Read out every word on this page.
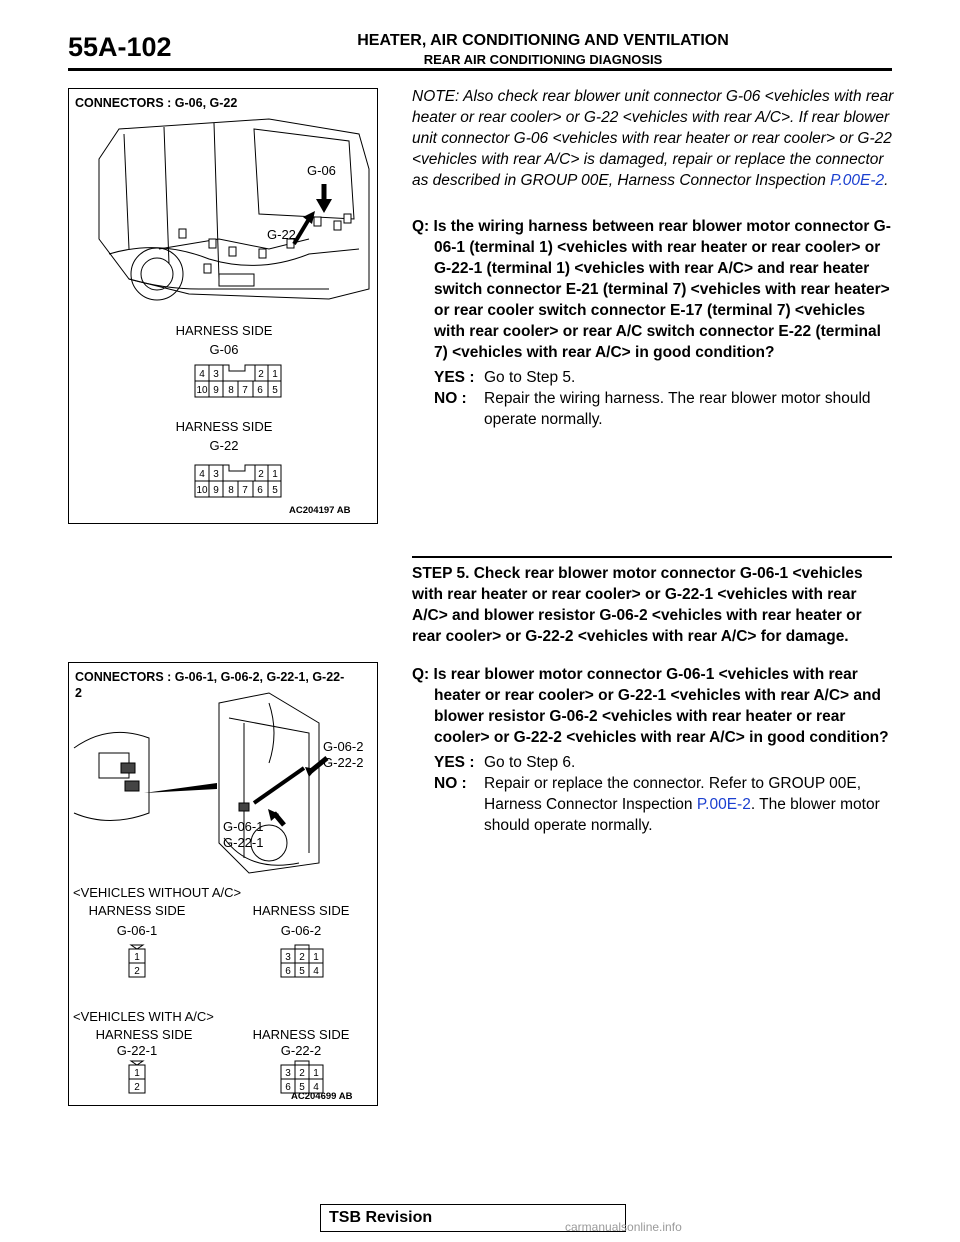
55A-102	HEATER, AIR CONDITIONING AND VENTILATION
REAR AIR CONDITIONING DIAGNOSIS
CONNECTORS : G-06, G-22
G-06
G-22
HARNESS SIDE
G-06
4 3	2 1
10 9 8 7 6 5
HARNESS SIDE
G-22
4 3	2 1
10 9 8 7 6 5
AC204197 AB
NOTE: Also check rear blower unit connector G-06 <vehicles with rear heater or rear cooler> or G-22 <vehicles with rear A/C>. If rear blower unit connector G-06 <vehicles with rear heater or rear cooler> or G-22 <vehicles with rear A/C> is damaged, repair or replace the connector as described in GROUP 00E, Harness Connector Inspection P.00E-2.
Q: Is the wiring harness between rear blower motor connector G-06-1 (terminal 1) <vehicles with rear heater or rear cooler> or G-22-1 (terminal 1) <vehicles with rear A/C> and rear heater switch connector E-21 (terminal 7) <vehicles with rear heater> or rear cooler switch connector E-17 (terminal 7) <vehicles with rear cooler> or rear A/C switch connector E-22 (terminal 7) <vehicles with rear A/C> in good condition?
YES : Go to Step 5.
NO :	Repair the wiring harness. The rear blower motor should operate normally.
STEP 5. Check rear blower motor connector G-06-1 <vehicles with rear heater or rear cooler> or G-22-1 <vehicles with rear A/C> and blower resistor G-06-2 <vehicles with rear heater or rear cooler> or G-22-2 <vehicles with rear A/C> for damage.
Q: Is rear blower motor connector G-06-1 <vehicles with rear heater or rear cooler> or G-22-1 <vehicles with rear A/C> and blower resistor G-06-2 <vehicles with rear heater or rear cooler> or G-22-2 <vehicles with rear A/C> in good condition?
YES : Go to Step 6.
NO :	Repair or replace the connector. Refer to GROUP 00E, Harness Connector Inspection P.00E-2. The blower motor should operate normally.
CONNECTORS : G-06-1, G-06-2, G-22-1, G-22-2
G-06-2
G-22-2
G-06-1
G-22-1
<VEHICLES WITHOUT A/C>
HARNESS SIDE
G-06-1
HARNESS SIDE
G-06-2
1
2
3 2 1
6 5 4
<VEHICLES WITH A/C>
HARNESS SIDE
G-22-1
HARNESS SIDE
G-22-2
1
2
3 2 1
6 5 4
AC204699 AB
TSB Revision
carmanualsonline.info
